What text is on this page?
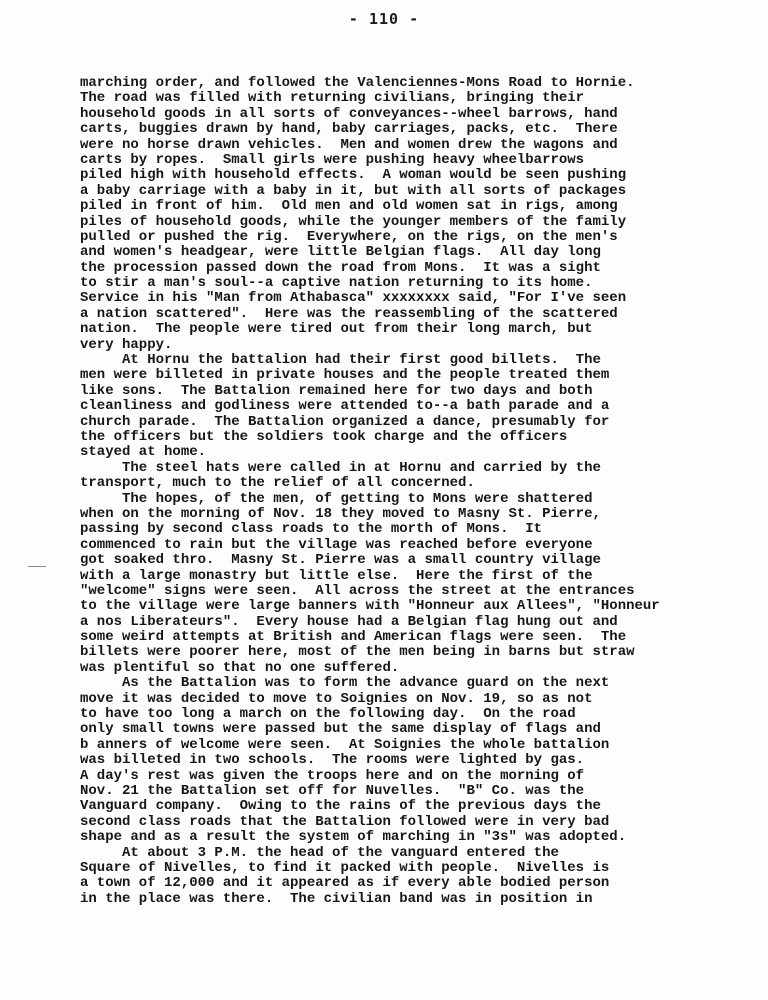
- 110 -
marching order, and followed the Valenciennes-Mons Road to Hornie.
The road was filled with returning civilians, bringing their
household goods in all sorts of conveyances--wheel barrows, hand
carts, buggies drawn by hand, baby carriages, packs, etc.  There
were no horse drawn vehicles.  Men and women drew the wagons and
carts by ropes.  Small girls were pushing heavy wheelbarrows
piled high with household effects.  A woman would be seen pushing
a baby carriage with a baby in it, but with all sorts of packages
piled in front of him.  Old men and old women sat in rigs, among
piles of household goods, while the younger members of the family
pulled or pushed the rig.  Everywhere, on the rigs, on the men's
and women's headgear, were little Belgian flags.  All day long
the procession passed down the road from Mons.  It was a sight
to stir a man's soul--a captive nation returning to its home.
Service in his "Man from Athabasca" xxxxxxxx said, "For I've seen
a nation scattered".  Here was the reassembling of the scattered
nation.  The people were tired out from their long march, but
very happy.
At Hornu the battalion had their first good billets.  The
men were billeted in private houses and the people treated them
like sons.  The Battalion remained here for two days and both
cleanliness and godliness were attended to--a bath parade and a
church parade.  The Battalion organized a dance, presumably for
the officers but the soldiers took charge and the officers
stayed at home.
The steel hats were called in at Hornu and carried by the
transport, much to the relief of all concerned.
The hopes, of the men, of getting to Mons were shattered
when on the morning of Nov. 18 they moved to Masny St. Pierre,
passing by second class roads to the morth of Mons.  It
commenced to rain but the village was reached before everyone
got soaked thro.  Masny St. Pierre was a small country village
with a large monastry but little else.  Here the first of the
"welcome" signs were seen.  All across the street at the entrances
to the village were large banners with "Honneur aux Allees", "Honneur
a nos Liberateurs".  Every house had a Belgian flag hung out and
some weird attempts at British and American flags were seen.  The
billets were poorer here, most of the men being in barns but straw
was plentiful so that no one suffered.
As the Battalion was to form the advance guard on the next
move it was decided to move to Soignies on Nov. 19, so as not
to have too long a march on the following day.  On the road
only small towns were passed but the same display of flags and
b anners of welcome were seen.  At Soignies the whole battalion
was billeted in two schools.  The rooms were lighted by gas.
A day's rest was given the troops here and on the morning of
Nov. 21 the Battalion set off for Nuvelles.  "B" Co. was the
Vanguard company.  Owing to the rains of the previous days the
second class roads that the Battalion followed were in very bad
shape and as a result the system of marching in "3s" was adopted.
At about 3 P.M. the head of the vanguard entered the
Square of Nivelles, to find it packed with people.  Nivelles is
a town of 12,000 and it appeared as if every able bodied person
in the place was there.  The civilian band was in position in
